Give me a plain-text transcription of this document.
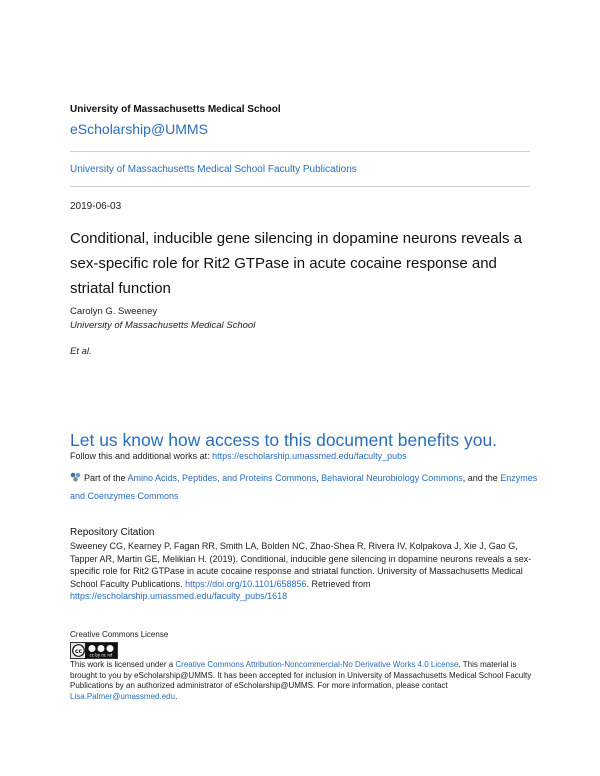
University of Massachusetts Medical School
eScholarship@UMMS
University of Massachusetts Medical School Faculty Publications
2019-06-03
Conditional, inducible gene silencing in dopamine neurons reveals a sex-specific role for Rit2 GTPase in acute cocaine response and striatal function
Carolyn G. Sweeney
University of Massachusetts Medical School
Et al.
Let us know how access to this document benefits you.
Follow this and additional works at: https://escholarship.umassmed.edu/faculty_pubs
Part of the Amino Acids, Peptides, and Proteins Commons, Behavioral Neurobiology Commons, and the Enzymes and Coenzymes Commons
Repository Citation
Sweeney CG, Kearney P, Fagan RR, Smith LA, Bolden NC, Zhao-Shea R, Rivera IV, Kolpakova J, Xie J, Gao G, Tapper AR, Martin GE, Melikian H. (2019). Conditional, inducible gene silencing in dopamine neurons reveals a sex-specific role for Rit2 GTPase in acute cocaine response and striatal function. University of Massachusetts Medical School Faculty Publications. https://doi.org/10.1101/658856. Retrieved from https://escholarship.umassmed.edu/faculty_pubs/1618
Creative Commons License
cc
cc by nc nd
This work is licensed under a Creative Commons Attribution-Noncommercial-No Derivative Works 4.0 License. This material is brought to you by eScholarship@UMMS. It has been accepted for inclusion in University of Massachusetts Medical School Faculty Publications by an authorized administrator of eScholarship@UMMS. For more information, please contact Lisa.Palmer@umassmed.edu.
